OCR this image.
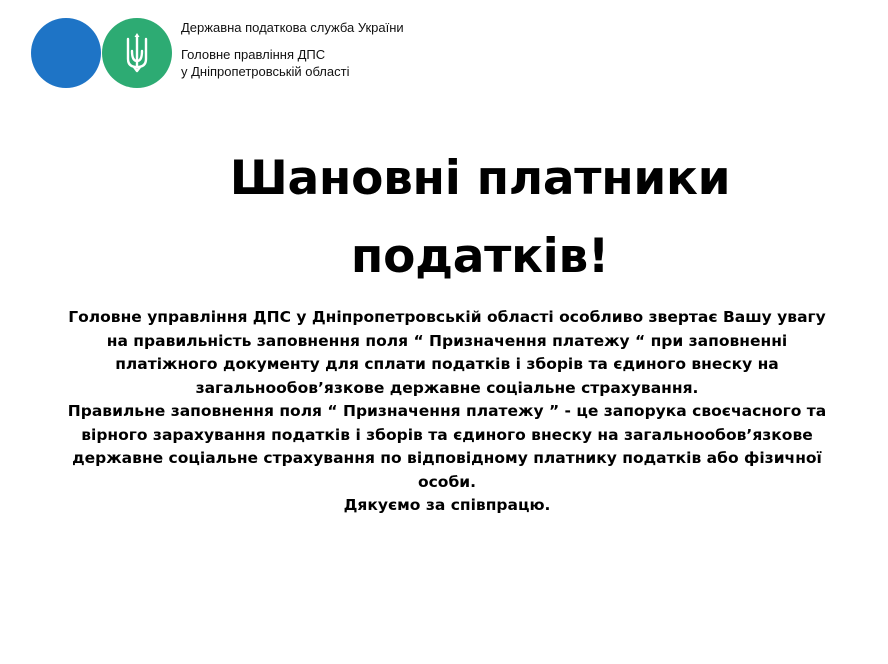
Державна податкова служба України
Головне правління ДПС
у Дніпропетровській області
Шановні платники
податків!
Головне управління ДПС у Дніпропетровській області особливо звертає Вашу увагу
на правильність заповнення поля “ Призначення платежу “ при заповненні
платіжного документу для сплати податків і зборів та єдиного внеску на
загальнообов’язкове державне соціальне страхування.
Правильне заповнення поля “ Призначення платежу ” - це запорука своєчасного та
вірного зарахування податків і зборів та єдиного внеску на загальнообов’язкове
державне соціальне страхування по відповідному платнику податків або фізичної
особи.
Дякуємо за співпрацю.
